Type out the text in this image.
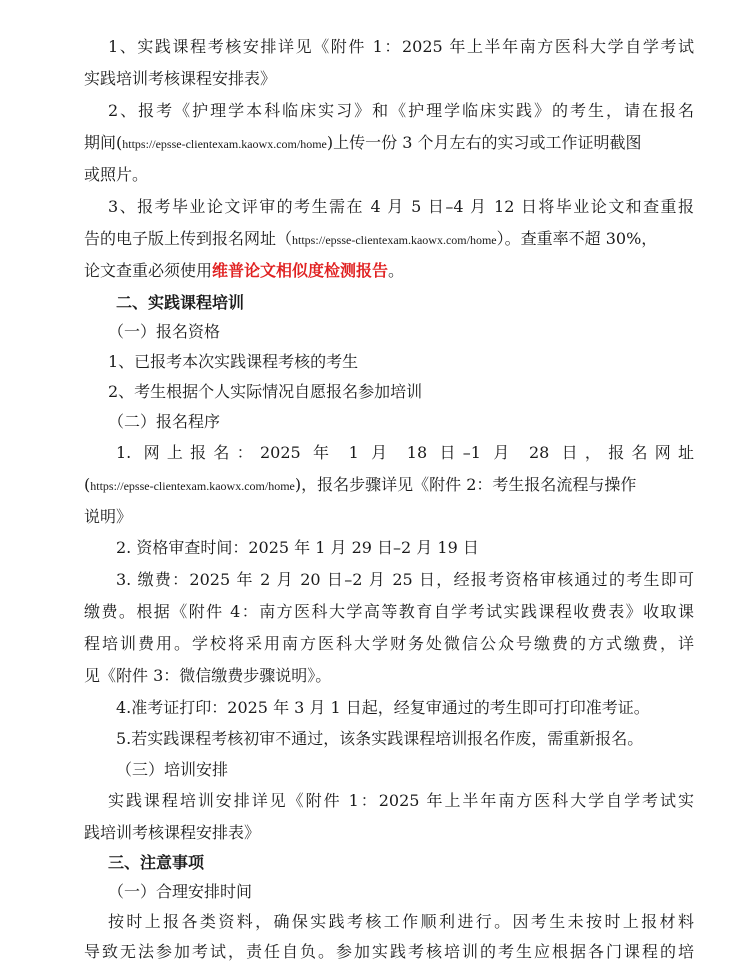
1、实践课程考核安排详见《附件 1：2025 年上半年南方医科大学自学考试
实践培训考核课程安排表》
2、报考《护理学本科临床实习》和《护理学临床实践》的考生，请在报名
期间(https://epsse-clientexam.kaowx.com/home)上传一份 3 个月左右的实习或工作证明截图
或照片。
3、报考毕业论文评审的考生需在 4 月 5 日–4 月 12 日将毕业论文和查重报
告的电子版上传到报名网址（https://epsse-clientexam.kaowx.com/home）。查重率不超 30%，
论文查重必须使用维普论文相似度检测报告。
二、实践课程培训
（一）报名资格
1、已报考本次实践课程考核的考生
2、考生根据个人实际情况自愿报名参加培训
（二）报名程序
1. 网上报名：2025 年 1 月 18 日–1 月 28 日，报名网址
(https://epsse-clientexam.kaowx.com/home)，报名步骤详见《附件 2：考生报名流程与操作
说明》
2. 资格审查时间：2025 年 1 月 29 日–2 月 19 日
3. 缴费：2025 年 2 月 20 日–2 月 25 日，经报考资格审核通过的考生即可
缴费。根据《附件 4：南方医科大学高等教育自学考试实践课程收费表》收取课
程培训费用。学校将采用南方医科大学财务处微信公众号缴费的方式缴费，详
见《附件 3：微信缴费步骤说明》。
4.准考证打印：2025 年 3 月 1 日起，经复审通过的考生即可打印准考证。
5.若实践课程考核初审不通过，该条实践课程培训报名作废，需重新报名。
（三）培训安排
实践课程培训安排详见《附件 1：2025 年上半年南方医科大学自学考试实
践培训考核课程安排表》
三、注意事项
（一）合理安排时间
按时上报各类资料，确保实践考核工作顺利进行。因考生未按时上报材料
导致无法参加考试，责任自负。参加实践考核培训的考生应根据各门课程的培
